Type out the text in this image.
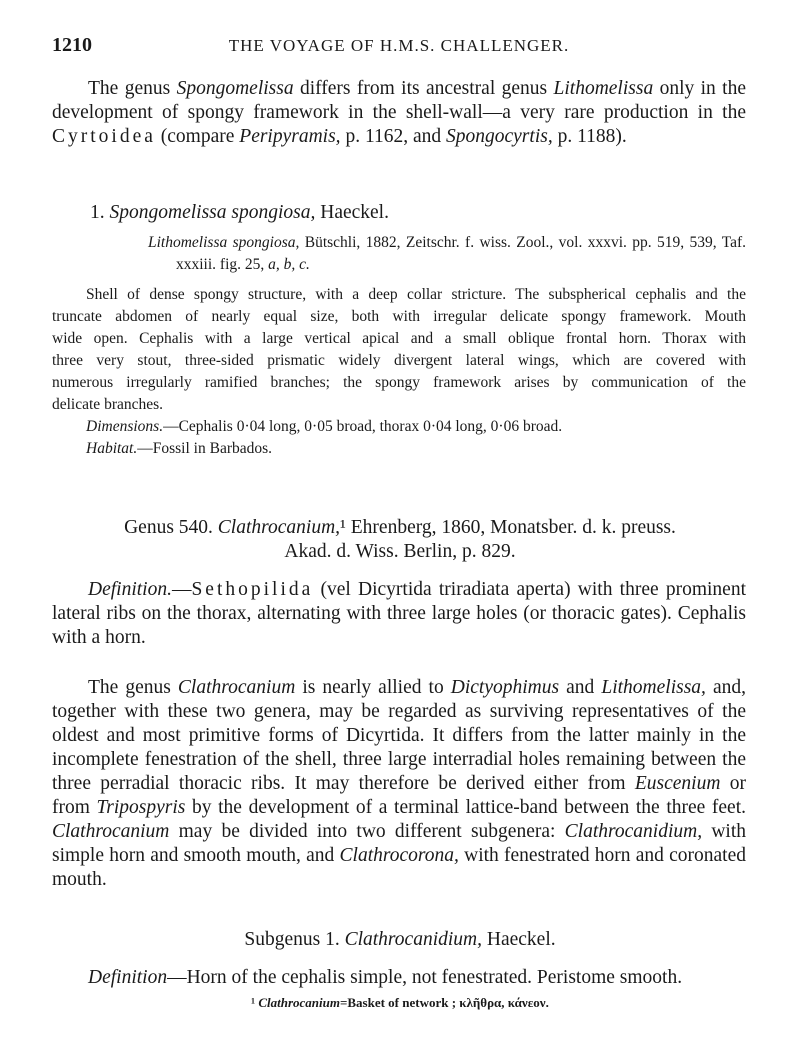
1210	THE VOYAGE OF H.M.S. CHALLENGER.
The genus Spongomelissa differs from its ancestral genus Lithomelissa only in the
development of spongy framework in the shell-wall—a very rare production in the
Cyrtoidea (compare Peripyramis, p. 1162, and Spongocyrtis, p. 1188).
1. Spongomelissa spongiosa, Haeckel.
Lithomelissa spongiosa, Bütschli, 1882, Zeitschr. f. wiss. Zool., vol. xxxvi. pp. 519, 539, Taf.
xxxiii. fig. 25, a, b, c.
Shell of dense spongy structure, with a deep collar stricture. The subspherical cephalis and the
truncate abdomen of nearly equal size, both with irregular delicate spongy framework. Mouth
wide open. Cephalis with a large vertical apical and a small oblique frontal horn. Thorax with
three very stout, three-sided prismatic widely divergent lateral wings, which are covered with
numerous irregularly ramified branches; the spongy framework arises by communication of the
delicate branches.
Dimensions.—Cephalis 0·04 long, 0·05 broad, thorax 0·04 long, 0·06 broad.
Habitat.—Fossil in Barbados.
Genus 540. Clathrocanium,¹ Ehrenberg, 1860, Monatsber. d. k. preuss.
Akad. d. Wiss. Berlin, p. 829.
Definition.—Sethopilida (vel Dicyrtida triradiata aperta) with three prominent
lateral ribs on the thorax, alternating with three large holes (or thoracic gates). Cephalis
with a horn.
The genus Clathrocanium is nearly allied to Dictyophimus and Lithomelissa, and,
together with these two genera, may be regarded as surviving representatives of the
oldest and most primitive forms of Dicyrtida. It differs from the latter mainly in the
incomplete fenestration of the shell, three large interradial holes remaining between the
three perradial thoracic ribs. It may therefore be derived either from Euscenium or
from Tripospyris by the development of a terminal lattice-band between the three feet.
Clathrocanium may be divided into two different subgenera: Clathrocanidium, with
simple horn and smooth mouth, and Clathrocorona, with fenestrated horn and coronated
mouth.
Subgenus 1. Clathrocanidium, Haeckel.
Definition—Horn of the cephalis simple, not fenestrated. Peristome smooth.
¹ Clathrocanium=Basket of network ; κλῆθρα, κάνεον.
